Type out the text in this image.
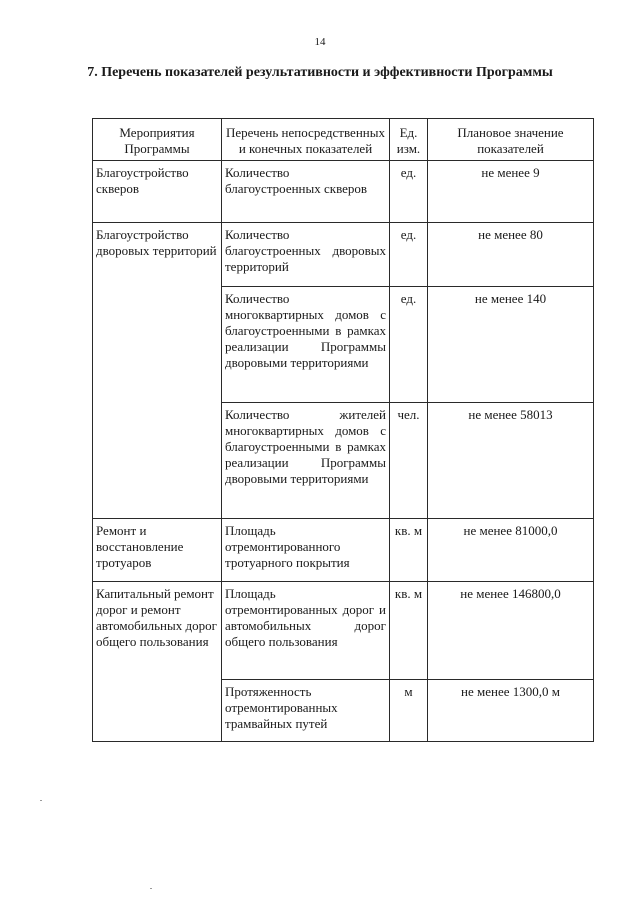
14
7. Перечень показателей результативности и эффективности Программы
Мероприятия Программы	Перечень непосредственных и конечных показателей	Ед. изм.	Плановое значение показателей
Благоустройство скверов	Количество благоустроенных скверов	ед.	не менее 9
Благоустройство дворовых территорий	Количество благоустроенных дворовых территорий	ед.	не менее 80
	Количество многоквартирных домов с благоустроенными в рамках реализации Программы дворовыми территориями	ед.	не менее 140
	Количество жителей многоквартирных домов с благоустроенными в рамках реализации Программы дворовыми территориями	чел.	не менее 58013
Ремонт и восстановление тротуаров	Площадь отремонтированного тротуарного покрытия	кв. м	не менее 81000,0
Капитальный ремонт дорог и ремонт автомобильных дорог общего пользования	Площадь отремонтированных дорог и автомобильных дорог общего пользования	кв. м	не менее 146800,0
	Протяженность отремонтированных трамвайных путей	м	не менее 1300,0 м
